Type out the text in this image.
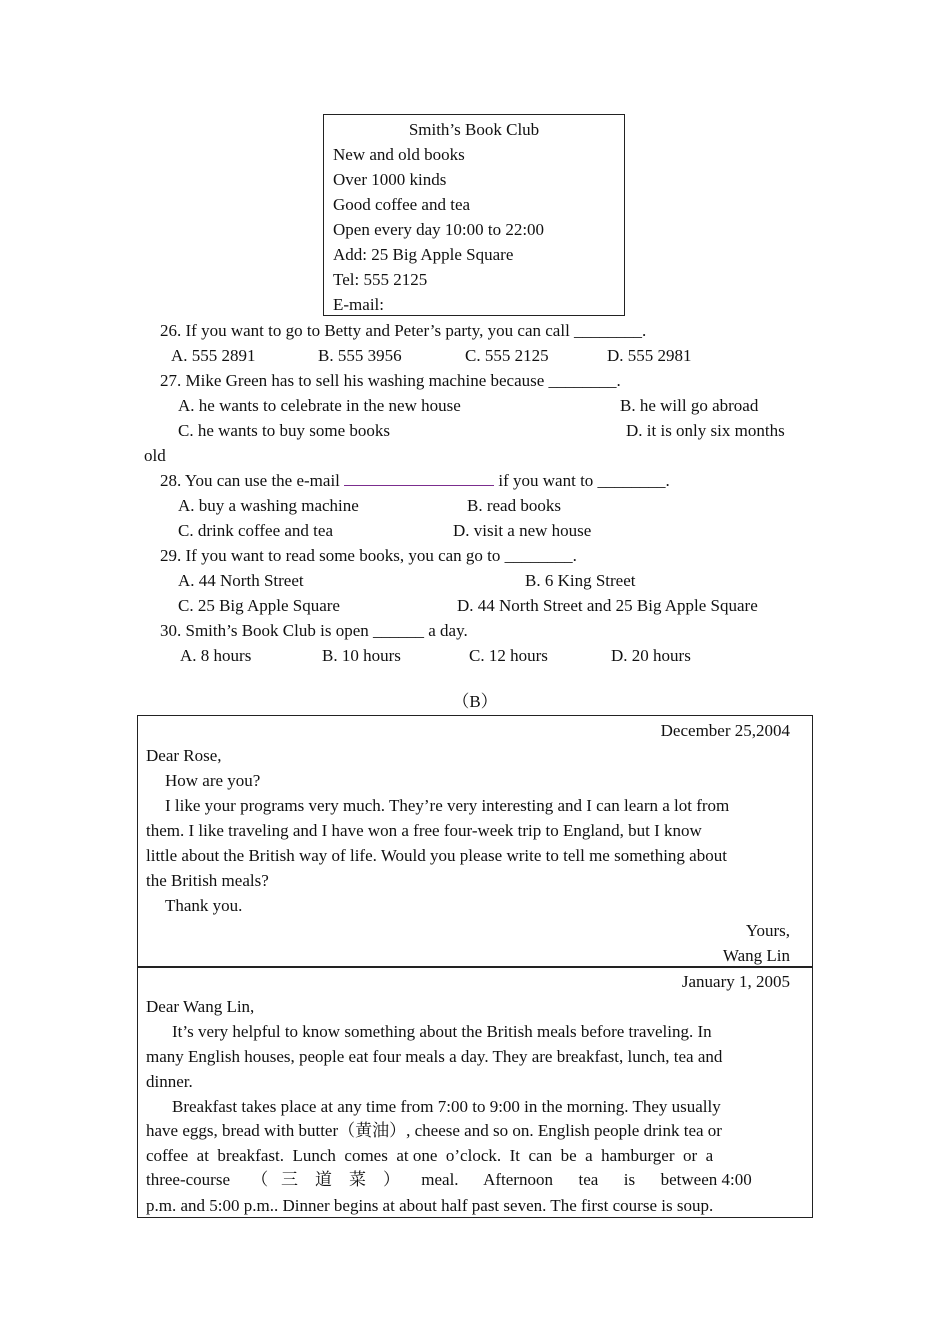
Smith’s Book Club
New and old books
Over 1000 kinds
Good coffee and tea
Open every day 10:00 to 22:00
Add: 25 Big Apple Square
Tel: 555 2125
E-mail:
26. If you want to go to Betty and Peter’s party, you can call ________.
A. 555 2891	B. 555 3956	C. 555 2125	D. 555 2981
27. Mike Green has to sell his washing machine because ________.
A. he wants to celebrate in the new house	B. he will go abroad
C. he wants to buy some books	D. it is only six months
old
28. You can use the e-mail	if you want to ________.
A. buy a washing machine	B. read books
C. drink coffee and tea	D. visit a new house
29. If you want to read some books, you can go to ________.
A. 44 North Street	B. 6 King Street
C. 25 Big Apple Square	D. 44 North Street and 25 Big Apple Square
30. Smith’s Book Club is open ______ a day.
A. 8 hours	B. 10 hours	C. 12 hours	D. 20 hours
（B）
December 25,2004
Dear Rose,
How are you?
I like your programs very much. They’re very interesting and I can learn a lot from
them. I like traveling and I have won a free four-week trip to England, but I know
little about the British way of life. Would you please write to tell me something about
the British meals?
Thank you.
Yours,
Wang Lin
January 1, 2005
Dear Wang Lin,
It’s very helpful to know something about the British meals before traveling. In
many English houses, people eat four meals a day. They are breakfast, lunch, tea and
dinner.
Breakfast takes place at any time from 7:00 to 9:00 in the morning. They usually
have eggs, bread with butter（黄油）, cheese and so on. English people drink tea or
coffee  at  breakfast.  Lunch  comes  at one  o’clock.  It  can  be  a  hamburger  or  a
three-course     （   三    道    菜    ）     meal.      Afternoon      tea      is      between 4:00
p.m. and 5:00 p.m.. Dinner begins at about half past seven. The first course is soup.
